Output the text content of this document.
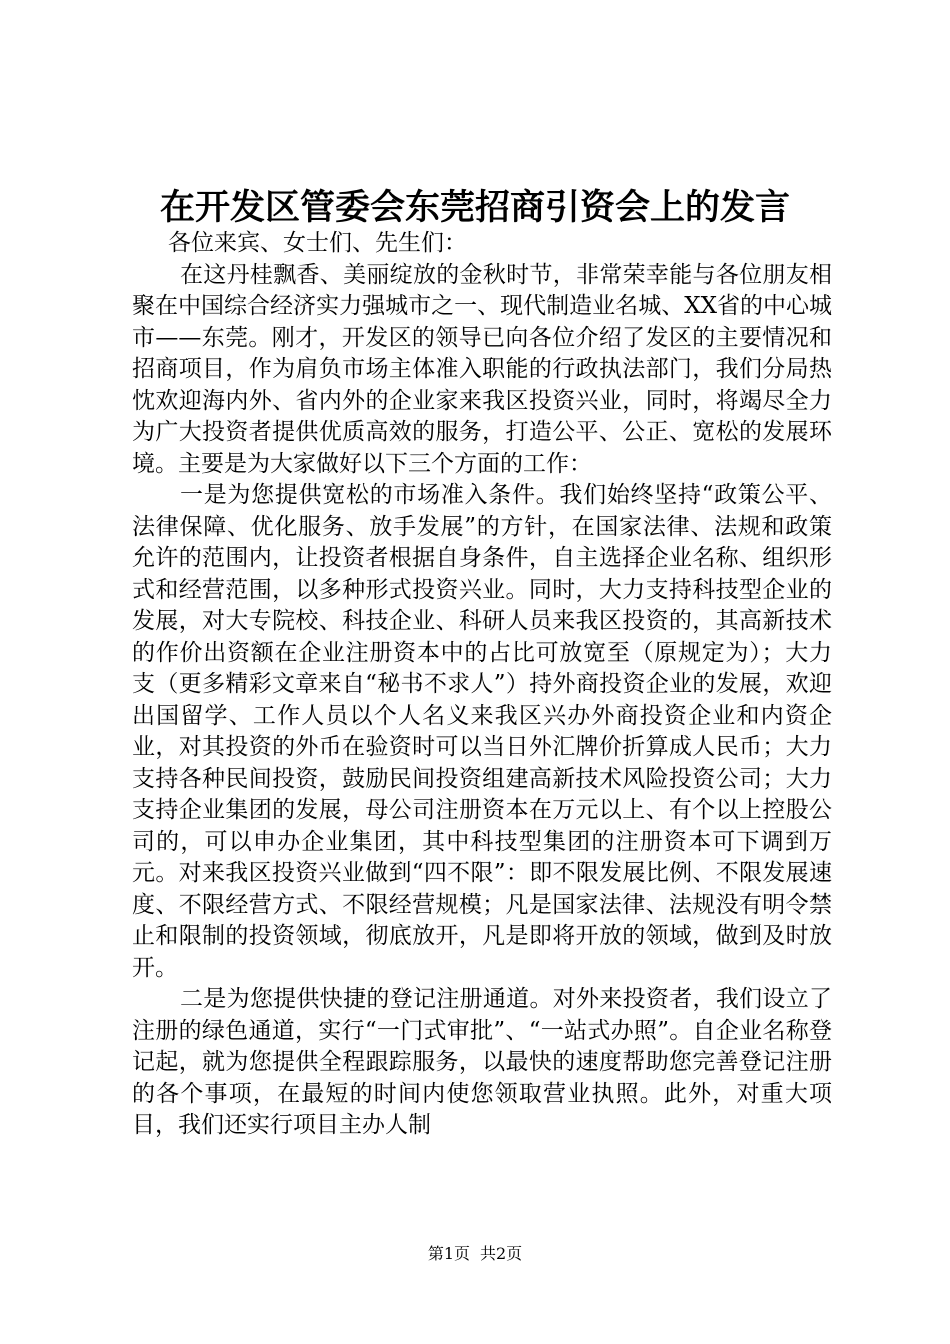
在开发区管委会东莞招商引资会上的发言

各位来宾、女士们、先生们：

在这丹桂飘香、美丽绽放的金秋时节，非常荣幸能与各位朋友相聚在中国综合经济实力强城市之一、现代制造业名城、XX省的中心城市——东莞。刚才，开发区的领导已向各位介绍了发区的主要情况和招商项目，作为肩负市场主体准入职能的行政执法部门，我们分局热忱欢迎海内外、省内外的企业家来我区投资兴业，同时，将竭尽全力为广大投资者提供优质高效的服务，打造公平、公正、宽松的发展环境。主要是为大家做好以下三个方面的工作：

一是为您提供宽松的市场准入条件。我们始终坚持“政策公平、法律保障、优化服务、放手发展”的方针，在国家法律、法规和政策允许的范围内，让投资者根据自身条件，自主选择企业名称、组织形式和经营范围，以多种形式投资兴业。同时，大力支持科技型企业的发展，对大专院校、科技企业、科研人员来我区投资的，其高新技术的作价出资额在企业注册资本中的占比可放宽至（原规定为）；大力支（更多精彩文章来自“秘书不求人”）持外商投资企业的发展，欢迎出国留学、工作人员以个人名义来我区兴办外商投资企业和内资企业，对其投资的外币在验资时可以当日外汇牌价折算成人民币；大力支持各种民间投资，鼓励民间投资组建高新技术风险投资公司；大力支持企业集团的发展，母公司注册资本在万元以上、有个以上控股公司的，可以申办企业集团，其中科技型集团的注册资本可下调到万元。对来我区投资兴业做到“四不限”：即不限发展比例、不限发展速度、不限经营方式、不限经营规模；凡是国家法律、法规没有明令禁止和限制的投资领域，彻底放开，凡是即将开放的领域，做到及时放开。

二是为您提供快捷的登记注册通道。对外来投资者，我们设立了注册的绿色通道，实行“一门式审批”、“一站式办照”。自企业名称登记起，就为您提供全程跟踪服务，以最快的速度帮助您完善登记注册的各个事项，在最短的时间内使您领取营业执照。此外，对重大项目，我们还实行项目主办人制

第1页 共2页
